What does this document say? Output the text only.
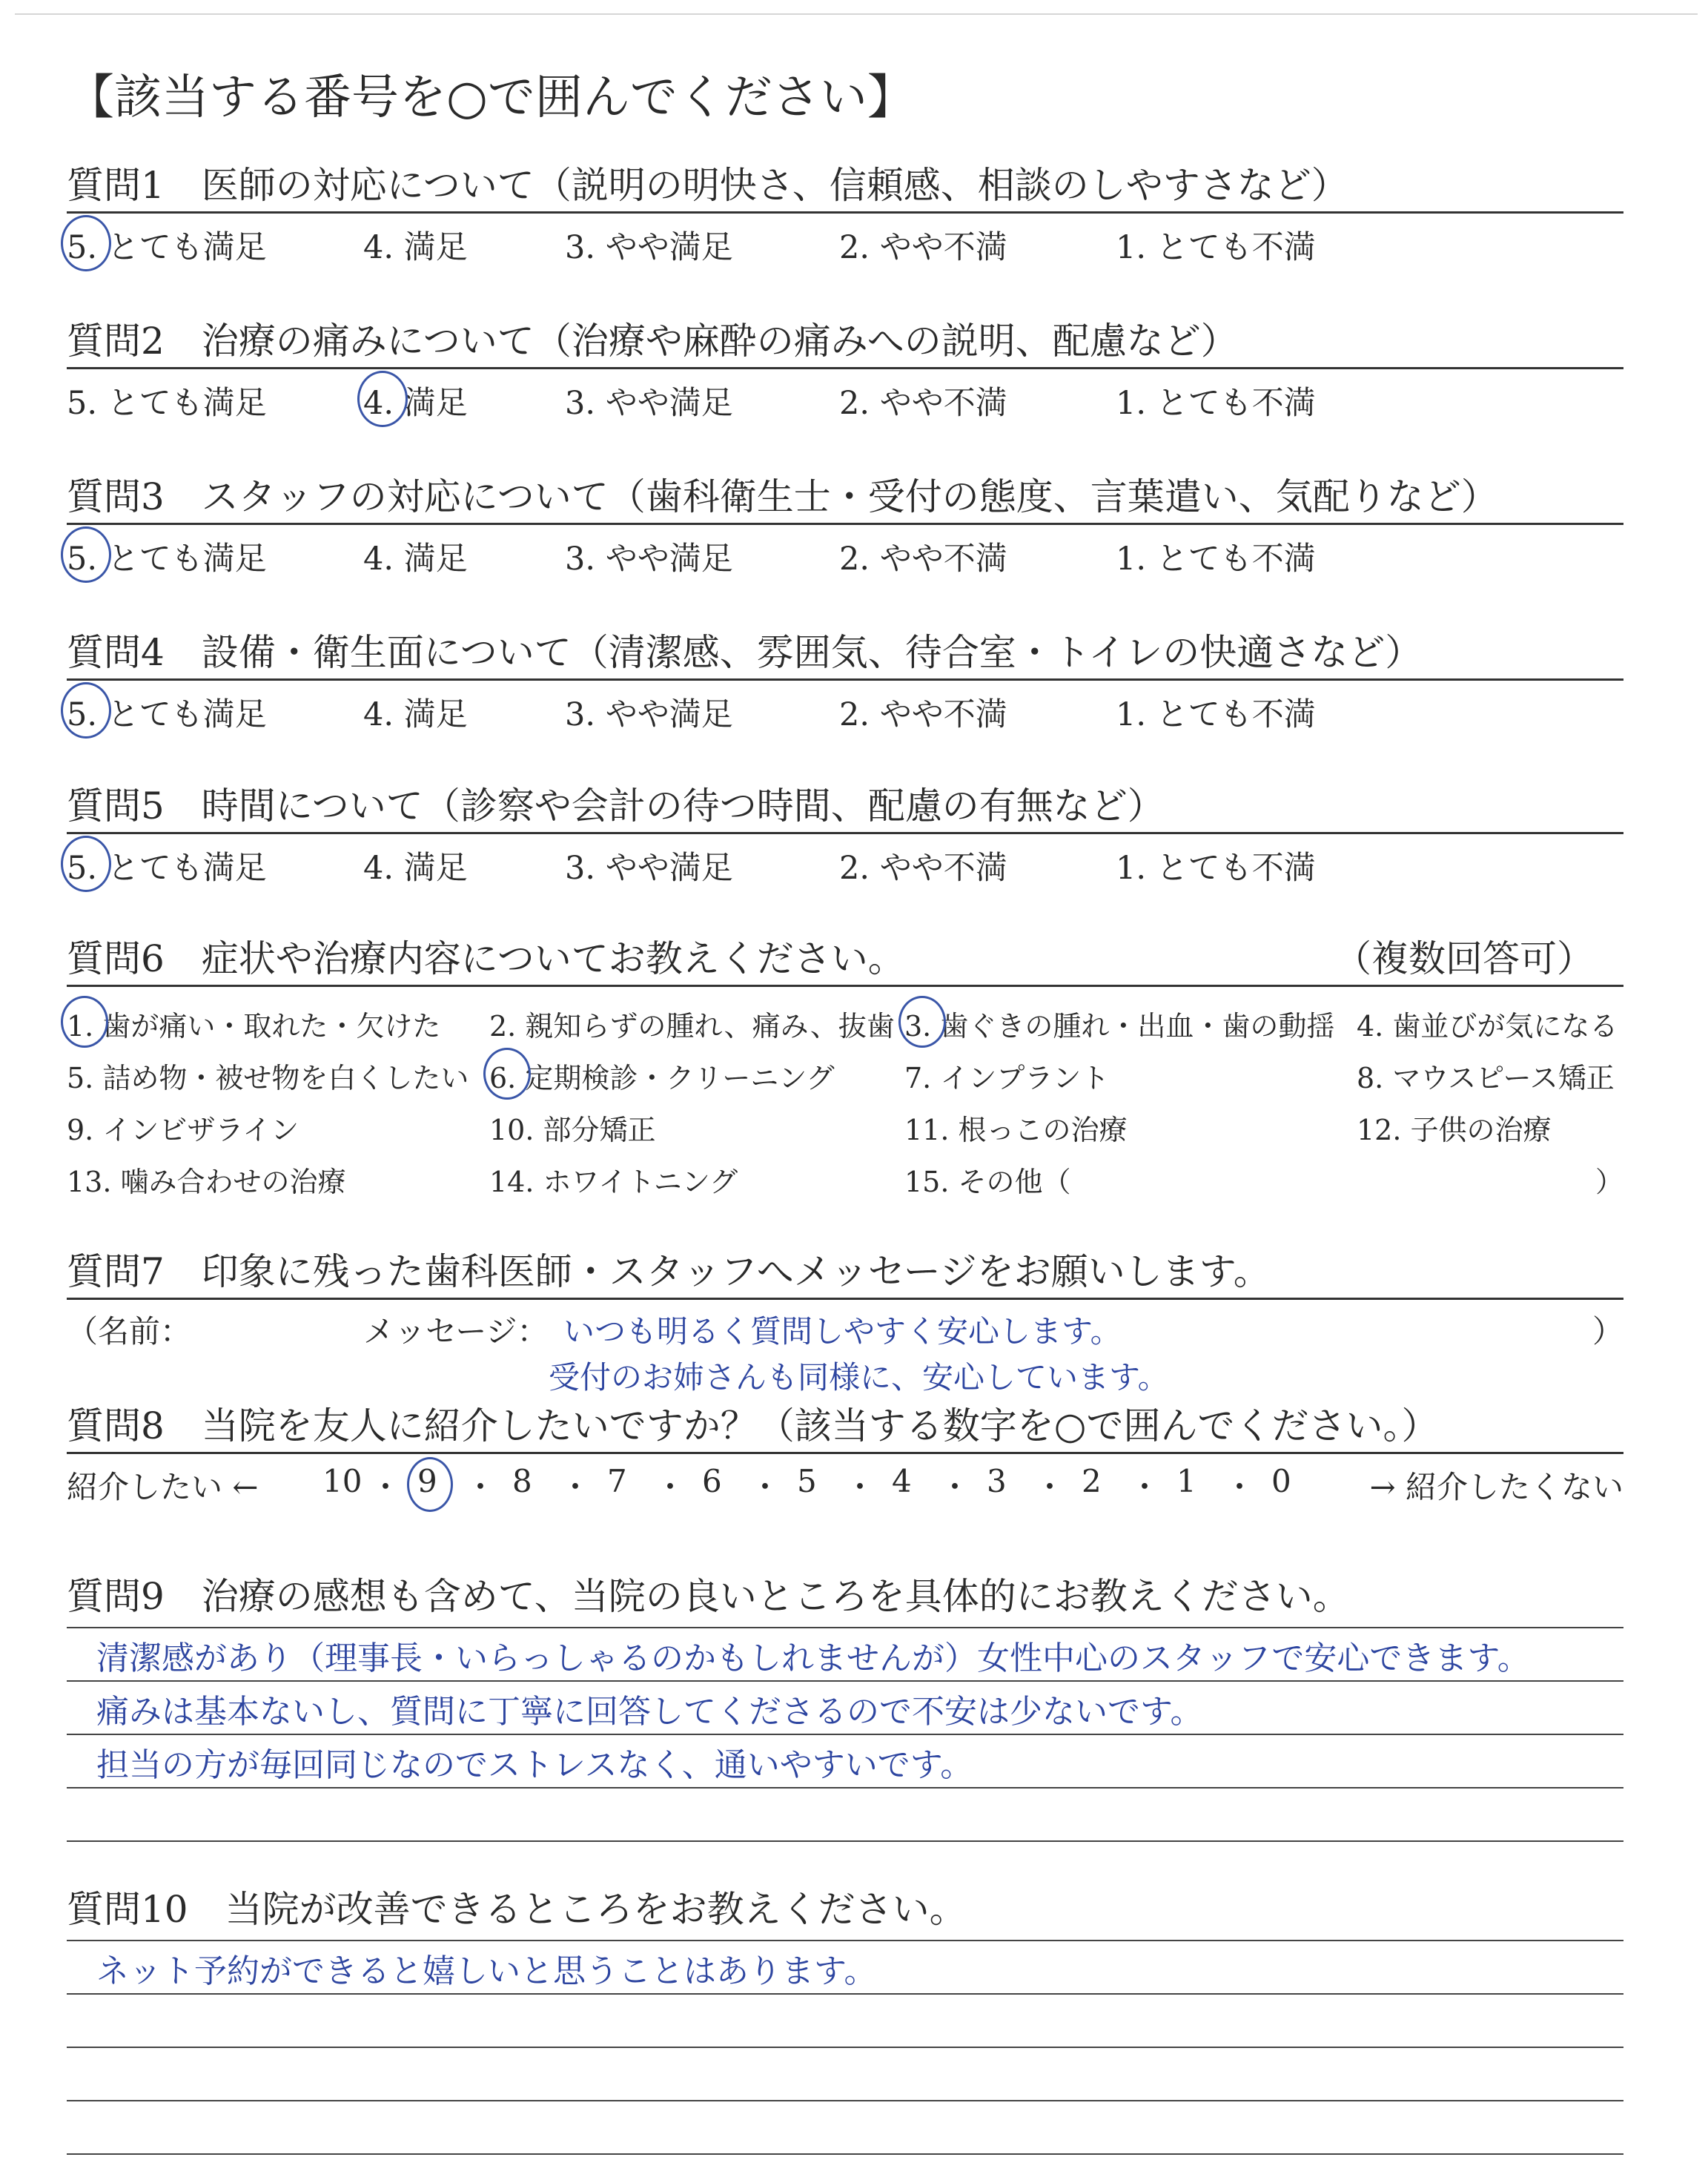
【該当する番号を○で囲んでください】
質問1　医師の対応について（説明の明快さ、信頼感、相談のしやすさなど）
5. とても満足	4. 満足	3. やや満足	2. やや不満	1. とても不満
質問2　治療の痛みについて（治療や麻酔の痛みへの説明、配慮など）
5. とても満足	4. 満足	3. やや満足	2. やや不満	1. とても不満
質問3　スタッフの対応について（歯科衛生士・受付の態度、言葉遣い、気配りなど）
5. とても満足	4. 満足	3. やや満足	2. やや不満	1. とても不満
質問4　設備・衛生面について（清潔感、雰囲気、待合室・トイレの快適さなど）
5. とても満足	4. 満足	3. やや満足	2. やや不満	1. とても不満
質問5　時間について（診察や会計の待つ時間、配慮の有無など）
5. とても満足	4. 満足	3. やや満足	2. やや不満	1. とても不満
質問6　症状や治療内容についてお教えください。	（複数回答可）
1. 歯が痛い・取れた・欠けた 2. 親知らずの腫れ、痛み、抜歯 3. 歯ぐきの腫れ・出血・歯の動揺 4. 歯並びが気になる
5. 詰め物・被せ物を白くしたい 6. 定期検診・クリーニング 7. インプラント	8. マウスピース矯正
9. インビザライン	10. 部分矯正	11. 根っこの治療	12. 子供の治療
13. 噛み合わせの治療	14. ホワイトニング	15. その他（	）
質問7　印象に残った歯科医師・スタッフへメッセージをお願いします。
（名前：	メッセージ：	）
いつも明るく質問しやすく安心します。
受付のお姉さんも同様に、安心しています。
質問8　当院を友人に紹介したいですか？（該当する数字を○で囲んでください。）
紹介したい ←	→ 紹介したくない
10 ・ 9 ・ 8 ・ 7 ・ 6 ・ 5 ・ 4 ・ 3 ・ 2 ・ 1 ・ 0
質問9　治療の感想も含めて、当院の良いところを具体的にお教えください。
清潔感があり（理事長・いらっしゃるのかもしれませんが）女性中心のスタッフで安心できます。
痛みは基本ないし、質問に丁寧に回答してくださるので不安は少ないです。
担当の方が毎回同じなのでストレスなく、通いやすいです。
質問10　当院が改善できるところをお教えください。
ネット予約ができると嬉しいと思うことはあります。
